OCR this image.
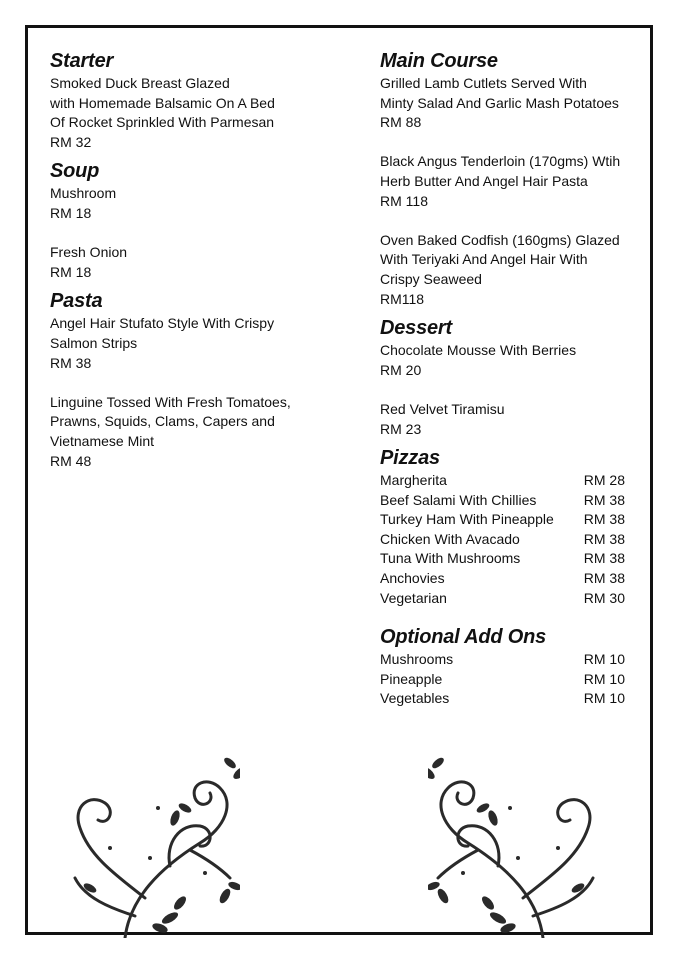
Starter
Smoked Duck Breast Glazed
with Homemade Balsamic On A Bed
Of Rocket Sprinkled With Parmesan
RM 32
Soup
Mushroom
RM 18
Fresh Onion
RM 18
Pasta
Angel Hair Stufato Style With Crispy
Salmon Strips
RM 38
Linguine Tossed With Fresh Tomatoes,
Prawns, Squids, Clams, Capers and
Vietnamese Mint
RM 48
Main Course
Grilled Lamb Cutlets Served With
Minty Salad And Garlic Mash Potatoes
RM 88
Black Angus Tenderloin (170gms) Wtih
Herb Butter And Angel Hair Pasta
RM 118
Oven Baked Codfish (160gms) Glazed
With Teriyaki And Angel Hair With
Crispy Seaweed
RM118
Dessert
Chocolate Mousse With Berries
RM 20
Red Velvet Tiramisu
RM 23
Pizzas
Margherita	RM 28
Beef Salami With Chillies	RM 38
Turkey Ham With Pineapple RM 38
Chicken With Avacado	RM 38
Tuna With Mushrooms	RM 38
Anchovies	RM 38
Vegetarian	RM 30
Optional Add Ons
Mushrooms	RM 10
Pineapple	RM 10
Vegetables	RM 10
